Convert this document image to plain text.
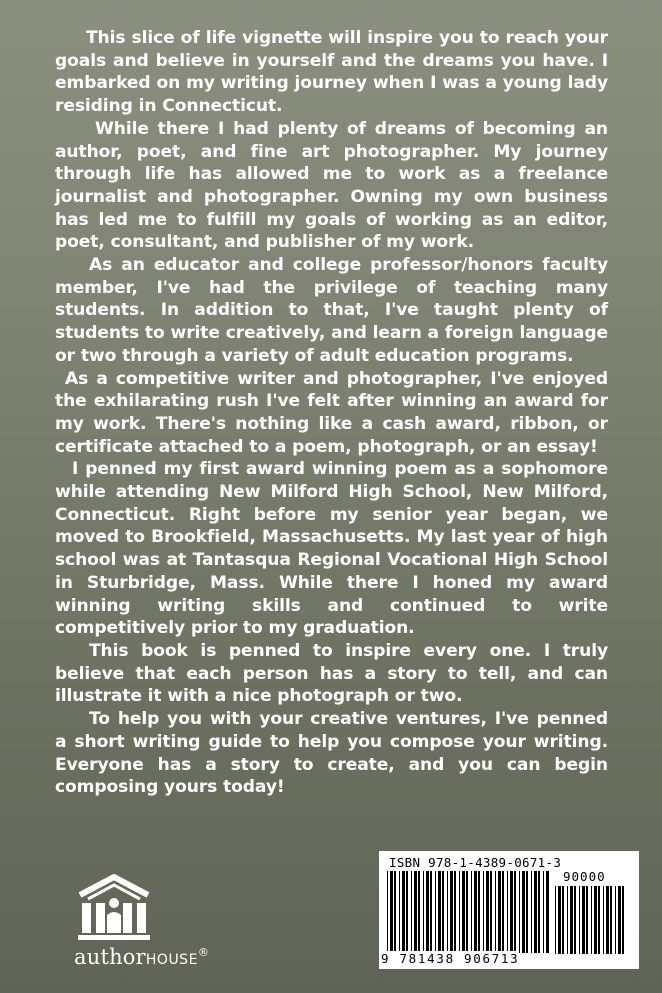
This slice of life vignette will inspire you to reach your goals and believe in yourself and the dreams you have. I embarked on my writing journey when I was a young lady residing in Connecticut.

While there I had plenty of dreams of becoming an author, poet, and fine art photographer. My journey through life has allowed me to work as a freelance journalist and photographer. Owning my own business has led me to fulfill my goals of working as an editor, poet, consultant, and publisher of my work.

As an educator and college professor/honors faculty member, I've had the privilege of teaching many students. In addition to that, I've taught plenty of students to write creatively, and learn a foreign language or two through a variety of adult education programs.

As a competitive writer and photographer, I've enjoyed the exhilarating rush I've felt after winning an award for my work. There's nothing like a cash award, ribbon, or certificate attached to a poem, photograph, or an essay!

I penned my first award winning poem as a sophomore while attending New Milford High School, New Milford, Connecticut. Right before my senior year began, we moved to Brookfield, Massachusetts. My last year of high school was at Tantasqua Regional Vocational High School in Sturbridge, Mass. While there I honed my award winning writing skills and continued to write competitively prior to my graduation.

This book is penned to inspire every one. I truly believe that each person has a story to tell, and can illustrate it with a nice photograph or two.

To help you with your creative ventures, I've penned a short writing guide to help you compose your writing. Everyone has a story to create, and you can begin composing yours today!

authorHOUSE®
ISBN 978-1-4389-0671-3
90000
9 781438 906713
